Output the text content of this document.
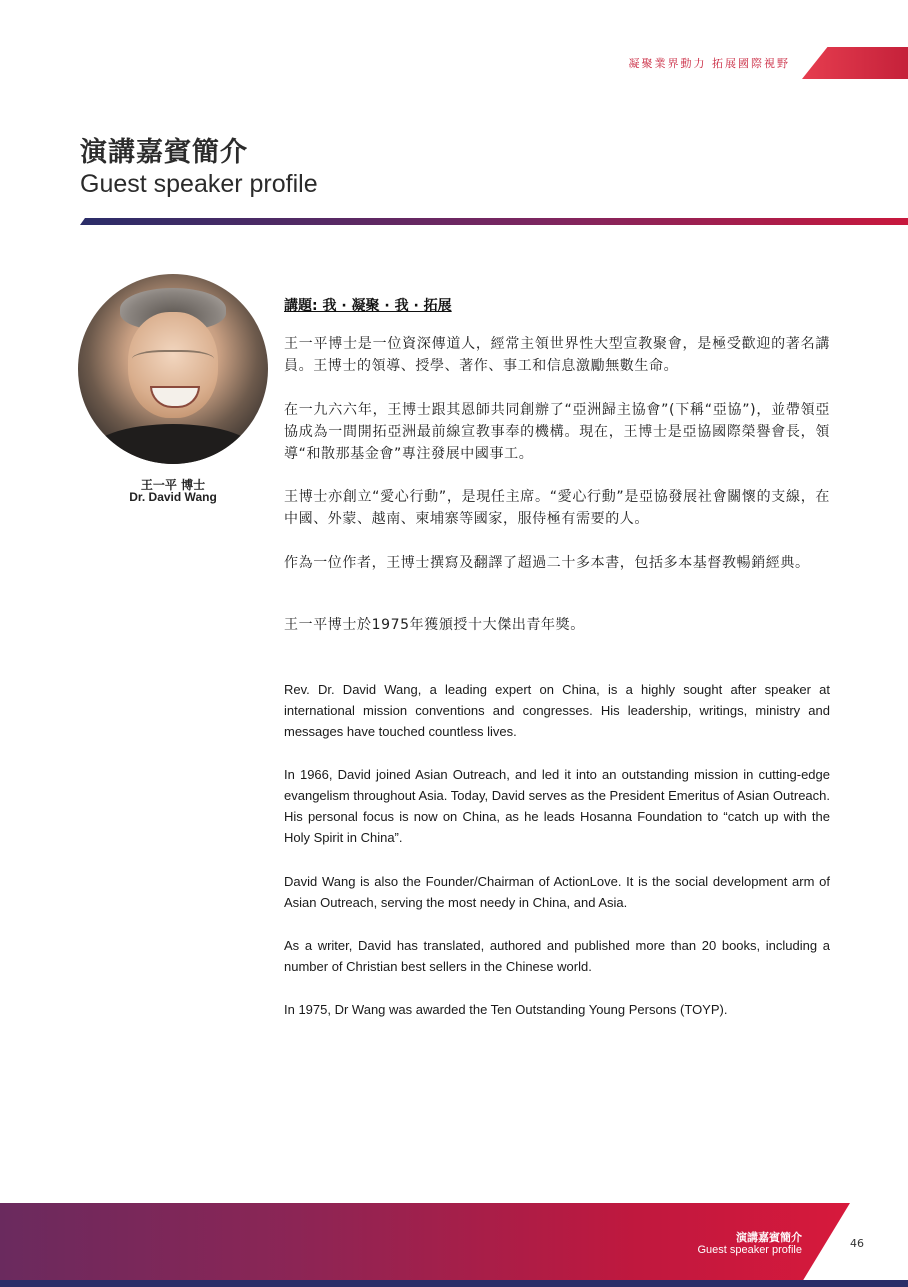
凝聚業界動力 拓展國際視野
演講嘉賓簡介
Guest speaker profile
王一平 博士
Dr. David Wang
講題: 我 · 凝聚 · 我 · 拓展
王一平博士是一位資深傳道人，經常主領世界性大型宣教聚會，是極受歡迎的著名講員。王博士的領導、授學、著作、事工和信息激勵無數生命。
在一九六六年，王博士跟其恩師共同創辦了“亞洲歸主協會”(下稱“亞協”)，並帶領亞協成為一間開拓亞洲最前線宣教事奉的機構。現在，王博士是亞協國際榮譽會長，領導“和散那基金會”專注發展中國事工。
王博士亦創立“愛心行動”，是現任主席。“愛心行動”是亞協發展社會關懷的支線，在中國、外蒙、越南、柬埔寨等國家，服侍極有需要的人。
作為一位作者，王博士撰寫及翻譯了超過二十多本書，包括多本基督教暢銷經典。
王一平博士於1975年獲頒授十大傑出青年獎。
Rev. Dr. David Wang, a leading expert on China, is a highly sought after speaker at international mission conventions and congresses. His leadership, writings, ministry and messages have touched countless lives.
In 1966, David joined Asian Outreach, and led it into an outstanding mission in cutting-edge evangelism throughout Asia. Today, David serves as the President Emeritus of Asian Outreach. His personal focus is now on China, as he leads Hosanna Foundation to “catch up with the Holy Spirit in China”.
David Wang is also the Founder/Chairman of ActionLove. It is the social development arm of Asian Outreach, serving the most needy in China, and Asia.
As a writer, David has translated, authored and published more than 20 books, including a number of Christian best sellers in the Chinese world.
In 1975, Dr Wang was awarded the Ten Outstanding Young Persons (TOYP).
演講嘉賓簡介
Guest speaker profile	46
